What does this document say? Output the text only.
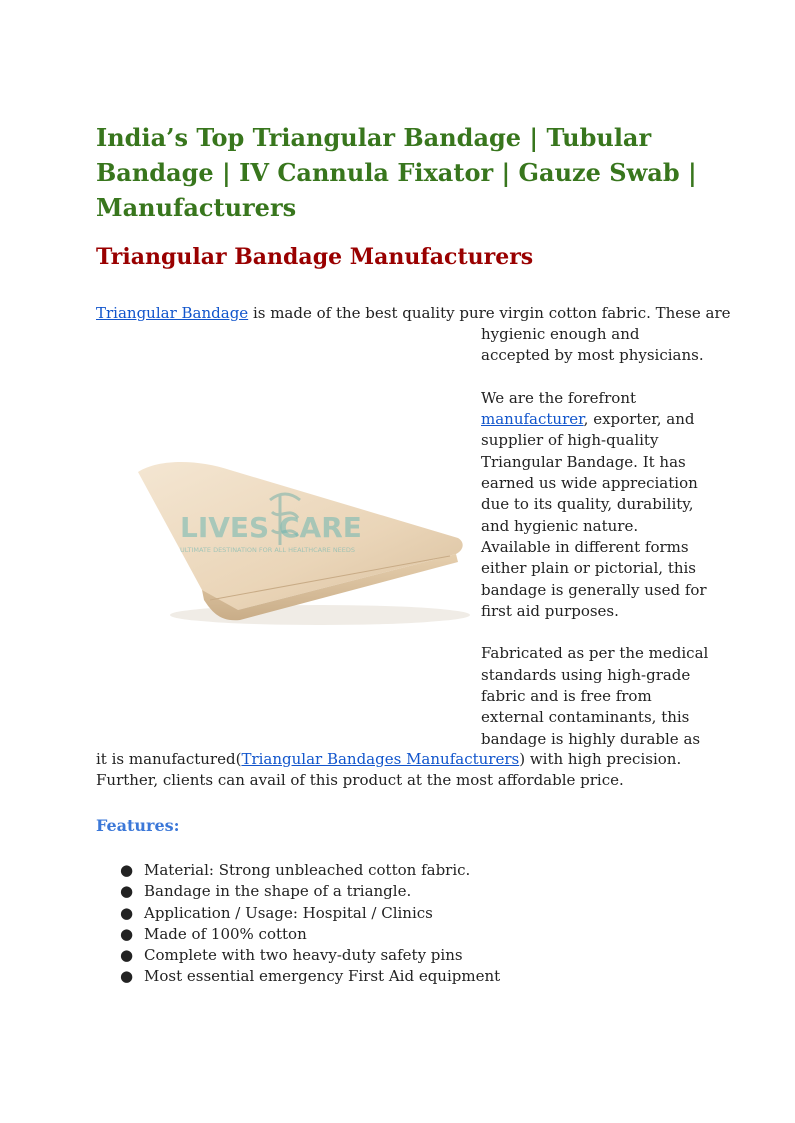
India’s Top Triangular Bandage | Tubular Bandage | IV Cannula Fixator | Gauze Swab | Manufacturers
Triangular Bandage Manufacturers

Triangular Bandage is made of the best quality pure virgin cotton fabric. These are

hygienic enough and accepted by most physicians.

We are the forefront manufacturer, exporter, and supplier of high-quality Triangular Bandage. It has earned us wide appreciation due to its quality, durability, and hygienic nature. Available in different forms either plain or pictorial, this bandage is generally used for first aid purposes.

Fabricated as per the medical standards using high-grade fabric and is free from external contaminants, this bandage is highly durable as

LIVES CARE
ULTIMATE DESTINATION FOR ALL HEALTHCARE NEEDS

it is manufactured(Triangular Bandages Manufacturers) with high precision.

Further, clients can avail of this product at the most affordable price.

Features:
● Material: Strong unbleached cotton fabric.
● Bandage in the shape of a triangle.
● Application / Usage: Hospital / Clinics
● Made of 100% cotton
● Complete with two heavy-duty safety pins
● Most essential emergency First Aid equipment
